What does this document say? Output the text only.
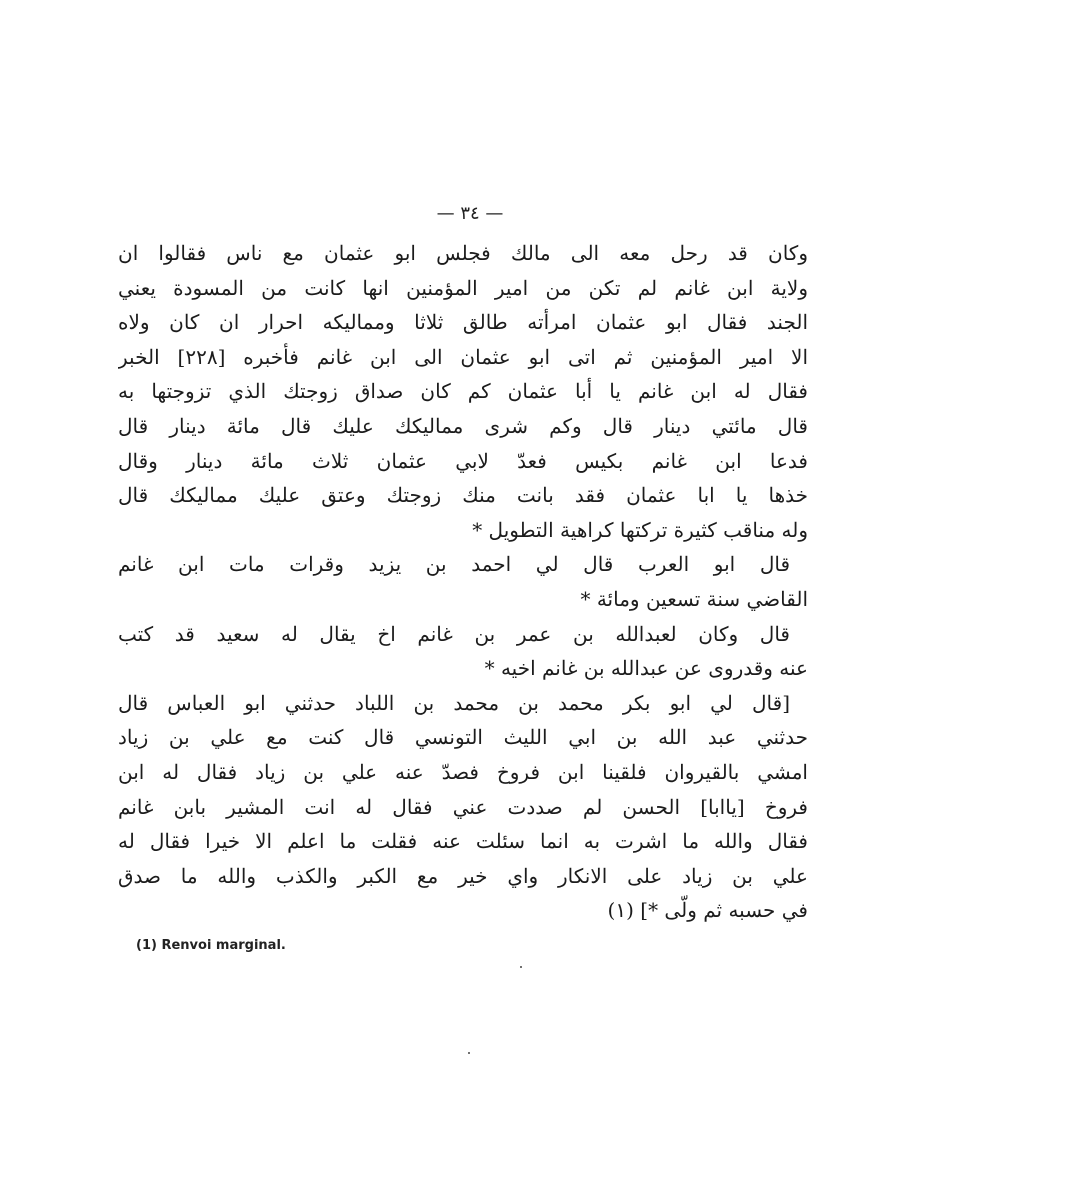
— ٣٤ —
وكان قد رحل معه الى مالك فجلس ابو عثمان مع ناس فقالوا ان
ولاية ابن غانم لم تكن من امير المؤمنين انها كانت من المسودة يعني
الجند فقال ابو عثمان امرأته طالق ثلاثا ومماليكه احرار ان كان ولاه
الا امير المؤمنين ثم اتى ابو عثمان الى ابن غانم فأخبره [٢٢٨] الخبر
فقال له ابن غانم يا أبا عثمان كم كان صداق زوجتك الذي تزوجتها به
قال مائتي دينار قال وكم شرى مماليكك عليك قال مائة دينار قال
فدعا ابن غانم بكيس فعدّ لابي عثمان ثلاث مائة دينار وقال
خذها يا ابا عثمان فقد بانت منك زوجتك وعتق عليك مماليكك قال
وله مناقب كثيرة تركتها كراهية التطويل *
قال ابو العرب قال لي احمد بن يزيد وقرات مات ابن غانم
القاضي سنة تسعين ومائة *
قال وكان لعبدالله بن عمر بن غانم اخ يقال له سعيد قد كتب
عنه وقدروى عن عبدالله بن غانم اخيه *
[قال لي ابو بكر محمد بن محمد بن اللباد حدثني ابو العباس قال
حدثني عبد الله بن ابي الليث التونسي قال كنت مع علي بن زياد
امشي بالقيروان فلقينا ابن فروخ فصدّ عنه علي بن زياد فقال له ابن
فروخ [ياابا] الحسن لم صددت عني فقال له انت المشير بابن غانم
فقال والله ما اشرت به انما سئلت عنه فقلت ما اعلم الا خيرا فقال له
علي بن زياد على الانكار واي خير مع الكبر والكذب والله ما صدق
في حسبه ثم ولّى *] (١)
(1) Renvoi marginal.
